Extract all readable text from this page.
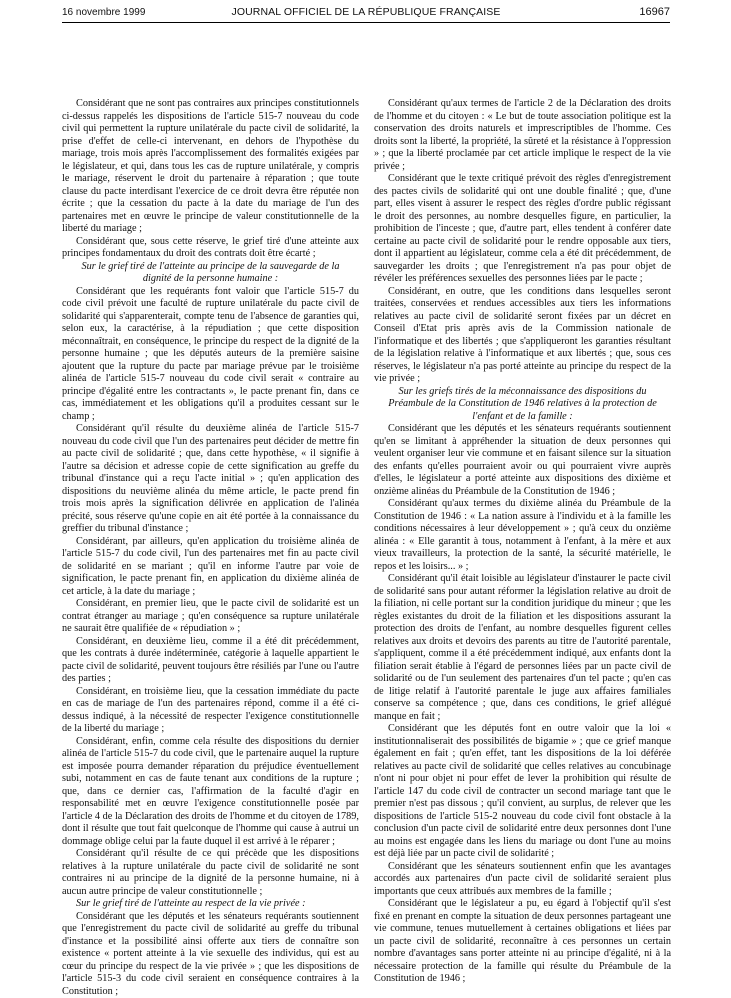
16 novembre 1999	JOURNAL OFFICIEL DE LA RÉPUBLIQUE FRANÇAISE	16967

Considérant que ne sont pas contraires aux principes constitutionnels ci-dessus rappelés les dispositions de l'article 515-7 nouveau du code civil qui permettent la rupture unilatérale du pacte civil de solidarité, la prise d'effet de celle-ci intervenant, en dehors de l'hypothèse du mariage, trois mois après l'accomplissement des formalités exigées par le législateur, et qui, dans tous les cas de rupture unilatérale, y compris le mariage, réservent le droit du partenaire à réparation ; que toute clause du pacte interdisant l'exercice de ce droit devra être réputée non écrite ; que la cessation du pacte à la date du mariage de l'un des partenaires met en œuvre le principe de valeur constitutionnelle de la liberté du mariage ;

Considérant que, sous cette réserve, le grief tiré d'une atteinte aux principes fondamentaux du droit des contrats doit être écarté ;

Sur le grief tiré de l'atteinte au principe de la sauvegarde de la dignité de la personne humaine :

Considérant que les requérants font valoir que l'article 515-7 du code civil prévoit une faculté de rupture unilatérale du pacte civil de solidarité qui s'apparenterait, compte tenu de l'absence de garanties qui, selon eux, la caractérise, à la répudiation ; que cette disposition méconnaîtrait, en conséquence, le principe du respect de la dignité de la personne humaine ; que les députés auteurs de la première saisine ajoutent que la rupture du pacte par mariage prévue par le troisième alinéa de l'article 515-7 nouveau du code civil serait « contraire au principe d'égalité entre les contractants », le pacte prenant fin, dans ce cas, immédiatement et les obligations qu'il a produites cessant sur le champ ;

Considérant qu'il résulte du deuxième alinéa de l'article 515-7 nouveau du code civil que l'un des partenaires peut décider de mettre fin au pacte civil de solidarité ; que, dans cette hypothèse, « il signifie à l'autre sa décision et adresse copie de cette signification au greffe du tribunal d'instance qui a reçu l'acte initial » ; qu'en application des dispositions du neuvième alinéa du même article, le pacte prend fin trois mois après la signification délivrée en application de l'alinéa précité, sous réserve qu'une copie en ait été portée à la connaissance du greffier du tribunal d'instance ;

Considérant, par ailleurs, qu'en application du troisième alinéa de l'article 515-7 du code civil, l'un des partenaires met fin au pacte civil de solidarité en se mariant ; qu'il en informe l'autre par voie de signification, le pacte prenant fin, en application du dixième alinéa de cet article, à la date du mariage ;

Considérant, en premier lieu, que le pacte civil de solidarité est un contrat étranger au mariage ; qu'en conséquence sa rupture unilatérale ne saurait être qualifiée de « répudiation » ;

Considérant, en deuxième lieu, comme il a été dit précédemment, que les contrats à durée indéterminée, catégorie à laquelle appartient le pacte civil de solidarité, peuvent toujours être résiliés par l'une ou l'autre des parties ;

Considérant, en troisième lieu, que la cessation immédiate du pacte en cas de mariage de l'un des partenaires répond, comme il a été ci-dessus indiqué, à la nécessité de respecter l'exigence constitutionnelle de la liberté du mariage ;

Considérant, enfin, comme cela résulte des dispositions du dernier alinéa de l'article 515-7 du code civil, que le partenaire auquel la rupture est imposée pourra demander réparation du préjudice éventuellement subi, notamment en cas de faute tenant aux conditions de la rupture ; que, dans ce dernier cas, l'affirmation de la faculté d'agir en responsabilité met en œuvre l'exigence constitutionnelle posée par l'article 4 de la Déclaration des droits de l'homme et du citoyen de 1789, dont il résulte que tout fait quelconque de l'homme qui cause à autrui un dommage oblige celui par la faute duquel il est arrivé à le réparer ;

Considérant qu'il résulte de ce qui précède que les dispositions relatives à la rupture unilatérale du pacte civil de solidarité ne sont contraires ni au principe de la dignité de la personne humaine, ni à aucun autre principe de valeur constitutionnelle ;

Sur le grief tiré de l'atteinte au respect de la vie privée :

Considérant que les députés et les sénateurs requérants soutiennent que l'enregistrement du pacte civil de solidarité au greffe du tribunal d'instance et la possibilité ainsi offerte aux tiers de connaître son existence « portent atteinte à la vie sexuelle des individus, qui est au cœur du principe du respect de la vie privée » ; que les dispositions de l'article 515-3 du code civil seraient en conséquence contraires à la Constitution ;

Considérant qu'aux termes de l'article 2 de la Déclaration des droits de l'homme et du citoyen : « Le but de toute association politique est la conservation des droits naturels et imprescriptibles de l'homme. Ces droits sont la liberté, la propriété, la sûreté et la résistance à l'oppression » ; que la liberté proclamée par cet article implique le respect de la vie privée ;

Considérant que le texte critiqué prévoit des règles d'enregistrement des pactes civils de solidarité qui ont une double finalité ; que, d'une part, elles visent à assurer le respect des règles d'ordre public régissant le droit des personnes, au nombre desquelles figure, en particulier, la prohibition de l'inceste ; que, d'autre part, elles tendent à conférer date certaine au pacte civil de solidarité pour le rendre opposable aux tiers, dont il appartient au législateur, comme cela a été dit précédemment, de sauvegarder les droits ; que l'enregistrement n'a pas pour objet de révéler les préférences sexuelles des personnes liées par le pacte ;

Considérant, en outre, que les conditions dans lesquelles seront traitées, conservées et rendues accessibles aux tiers les informations relatives au pacte civil de solidarité seront fixées par un décret en Conseil d'Etat pris après avis de la Commission nationale de l'informatique et des libertés ; que s'appliqueront les garanties résultant de la législation relative à l'informatique et aux libertés ; que, sous ces réserves, le législateur n'a pas porté atteinte au principe du respect de la vie privée ;

Sur les griefs tirés de la méconnaissance des dispositions du Préambule de la Constitution de 1946 relatives à la protection de l'enfant et de la famille :

Considérant que les députés et les sénateurs requérants soutiennent qu'en se limitant à appréhender la situation de deux personnes qui veulent organiser leur vie commune et en faisant silence sur la situation des enfants qu'elles pourraient avoir ou qui pourraient vivre auprès d'elles, le législateur a porté atteinte aux dispositions des dixième et onzième alinéas du Préambule de la Constitution de 1946 ;

Considérant qu'aux termes du dixième alinéa du Préambule de la Constitution de 1946 : « La nation assure à l'individu et à la famille les conditions nécessaires à leur développement » ; qu'à ceux du onzième alinéa : « Elle garantit à tous, notamment à l'enfant, à la mère et aux vieux travailleurs, la protection de la santé, la sécurité matérielle, le repos et les loisirs... » ;

Considérant qu'il était loisible au législateur d'instaurer le pacte civil de solidarité sans pour autant réformer la législation relative au droit de la filiation, ni celle portant sur la condition juridique du mineur ; que les règles existantes du droit de la filiation et les dispositions assurant la protection des droits de l'enfant, au nombre desquelles figurent celles relatives aux droits et devoirs des parents au titre de l'autorité parentale, s'appliquent, comme il a été précédemment indiqué, aux enfants dont la filiation serait établie à l'égard de personnes liées par un pacte civil de solidarité ou de l'un seulement des partenaires d'un tel pacte ; qu'en cas de litige relatif à l'autorité parentale le juge aux affaires familiales conserve sa compétence ; que, dans ces conditions, le grief allégué manque en fait ;

Considérant que les députés font en outre valoir que la loi « institutionnaliserait des possibilités de bigamie » ; que ce grief manque également en fait ; qu'en effet, tant les dispositions de la loi déférée relatives au pacte civil de solidarité que celles relatives au concubinage n'ont ni pour objet ni pour effet de lever la prohibition qui résulte de l'article 147 du code civil de contracter un second mariage tant que le premier n'est pas dissous ; qu'il convient, au surplus, de relever que les dispositions de l'article 515-2 nouveau du code civil font obstacle à la conclusion d'un pacte civil de solidarité entre deux personnes dont l'une au moins est engagée dans les liens du mariage ou dont l'une au moins est déjà liée par un pacte civil de solidarité ;

Considérant que les sénateurs soutiennent enfin que les avantages accordés aux partenaires d'un pacte civil de solidarité seraient plus importants que ceux attribués aux membres de la famille ;

Considérant que le législateur a pu, eu égard à l'objectif qu'il s'est fixé en prenant en compte la situation de deux personnes partageant une vie commune, tenues mutuellement à certaines obligations et liées par un pacte civil de solidarité, reconnaître à ces personnes un certain nombre d'avantages sans porter atteinte ni au principe d'égalité, ni à la nécessaire protection de la famille qui résulte du Préambule de la Constitution de 1946 ;
